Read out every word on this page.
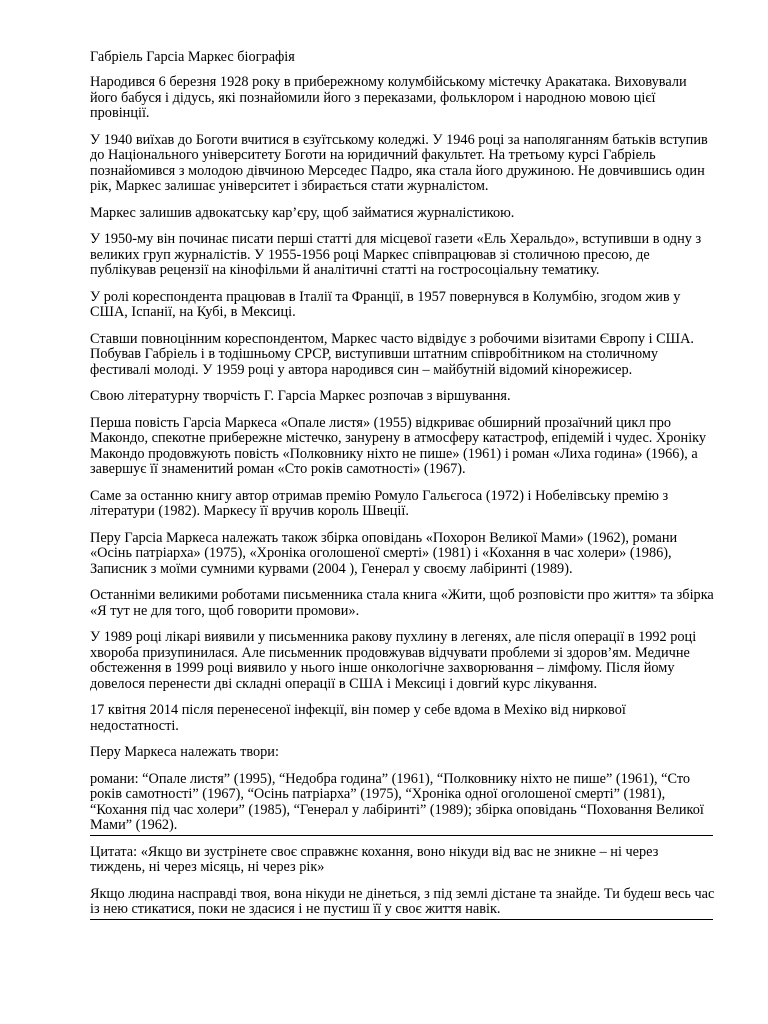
Габріель Гарсіа Маркес біографія

Народився 6 березня 1928 року в прибережному колумбійському містечку Аракатака. Виховували його бабуся і дідусь, які познайомили його з переказами, фольклором і народною мовою цієї провінції.

У 1940 виїхав до Боготи вчитися в єзуїтському коледжі. У 1946 році за наполяганням батьків вступив до Національного університету Боготи на юридичний факультет. На третьому курсі Габріель познайомився з молодою дівчиною Мерседес Падро, яка стала його дружиною. Не довчившись один рік, Маркес залишає університет і збирається стати журналістом.

Маркес залишив адвокатську кар’єру, щоб займатися журналістикою.

У 1950-му він починає писати перші статті для місцевої газети «Ель Херальдо», вступивши в одну з великих груп журналістів. У 1955-1956 році Маркес співпрацював зі столичною пресою, де публікував рецензії на кінофільми й аналітичні статті на гостросоціальну тематику.

У ролі кореспондента працював в Італії та Франції, в 1957 повернувся в Колумбію, згодом жив у США, Іспанії, на Кубі, в Мексиці.

Ставши повноцінним кореспондентом, Маркес часто відвідує з робочими візитами Європу і США. Побував Габріель і в тодішньому СРСР, виступивши штатним співробітником на столичному фестивалі молоді. У 1959 році у автора народився син – майбутній відомий кінорежисер.

Свою літературну творчість Г. Гарсіа Маркес розпочав з віршування.

Перша повість Гарсіа Маркеса «Опале листя» (1955) відкриває обширний прозаїчний цикл про Макондо, спекотне прибережне містечко, занурену в атмосферу катастроф, епідемій і чудес. Хроніку Макондо продовжують повість «Полковнику ніхто не пише» (1961) і роман «Лиха година» (1966), а завершує її знаменитий роман «Сто років самотності» (1967).

Саме за останню книгу автор отримав премію Ромуло Гальєгоса (1972) і Нобелівську премію з літератури (1982). Маркесу її вручив король Швеції.

Перу Гарсіа Маркеса належать також збірка оповідань «Похорон Великої Мами» (1962), романи «Осінь патріарха» (1975), «Хроніка оголошеної смерті» (1981) і «Кохання в час холери» (1986), Записник з моїми сумними курвами (2004 ), Генерал у своєму лабіринті (1989).

Останніми великими роботами письменника стала книга «Жити, щоб розповісти про життя» та збірка «Я тут не для того, щоб говорити промови».

У 1989 році лікарі виявили у письменника ракову пухлину в легенях, але після операції в 1992 році хвороба призупинилася. Але письменник продовжував відчувати проблеми зі здоров’ям. Медичне обстеження в 1999 році виявило у нього інше онкологічне захворювання – лімфому. Після йому довелося перенести дві складні операції в США і Мексиці і довгий курс лікування.

17 квітня 2014 після перенесеної інфекції, він помер у себе вдома в Мехіко від ниркової недостатності.

Перу Маркеса належать твори:

романи: “Опале листя” (1995), “Недобра година” (1961), “Полковнику ніхто не пише” (1961), “Сто років самотності” (1967), “Осінь патріарха” (1975), “Хроніка одної оголошеної смерті” (1981), “Кохання під час холери” (1985), “Генерал у лабіринті” (1989); збірка оповідань “Поховання Великої Мами” (1962).

Цитата: «Якщо ви зустрінете своє справжнє кохання, воно нікуди від вас не зникне – ні через тиждень, ні через місяць, ні через рік»

Якщо людина насправді твоя, вона нікуди не дінеться, з під землі дістане та знайде. Ти будеш весь час із нею стикатися, поки не здасися і не пустиш її у своє життя навік.
